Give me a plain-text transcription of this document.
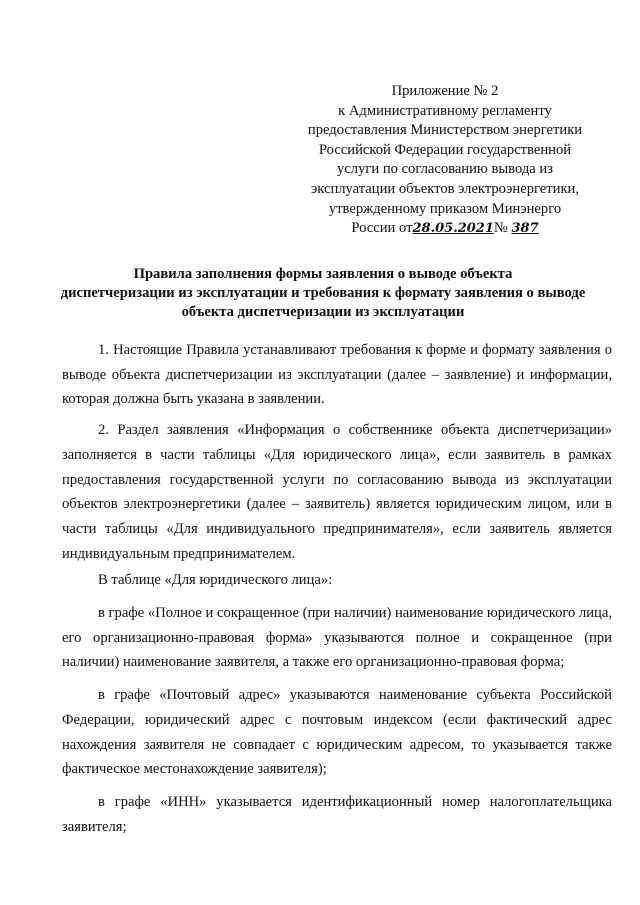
Приложение № 2
к Административному регламенту
предоставления Министерством энергетики
Российской Федерации государственной
услуги по согласованию вывода из
эксплуатации объектов электроэнергетики,
утвержденному приказом Минэнерго
России от28.05.2021№ 387
Правила заполнения формы заявления о выводе объекта
диспетчеризации из эксплуатации и требования к формату заявления о выводе
объекта диспетчеризации из эксплуатации

1. Настоящие Правила устанавливают требования к форме и формату заявления о выводе объекта диспетчеризации из эксплуатации (далее – заявление) и информации, которая должна быть указана в заявлении.

2. Раздел заявления «Информация о собственнике объекта диспетчеризации» заполняется в части таблицы «Для юридического лица», если заявитель в рамках предоставления государственной услуги по согласованию вывода из эксплуатации объектов электроэнергетики (далее – заявитель) является юридическим лицом, или в части таблицы «Для индивидуального предпринимателя», если заявитель является индивидуальным предпринимателем.

В таблице «Для юридического лица»:

в графе «Полное и сокращенное (при наличии) наименование юридического лица, его организационно-правовая форма» указываются полное и сокращенное (при наличии) наименование заявителя, а также его организационно-правовая форма;

в графе «Почтовый адрес» указываются наименование субъекта Российской Федерации, юридический адрес с почтовым индексом (если фактический адрес нахождения заявителя не совпадает с юридическим адресом, то указывается также фактическое местонахождение заявителя);

в графе «ИНН» указывается идентификационный номер налогоплательщика заявителя;
